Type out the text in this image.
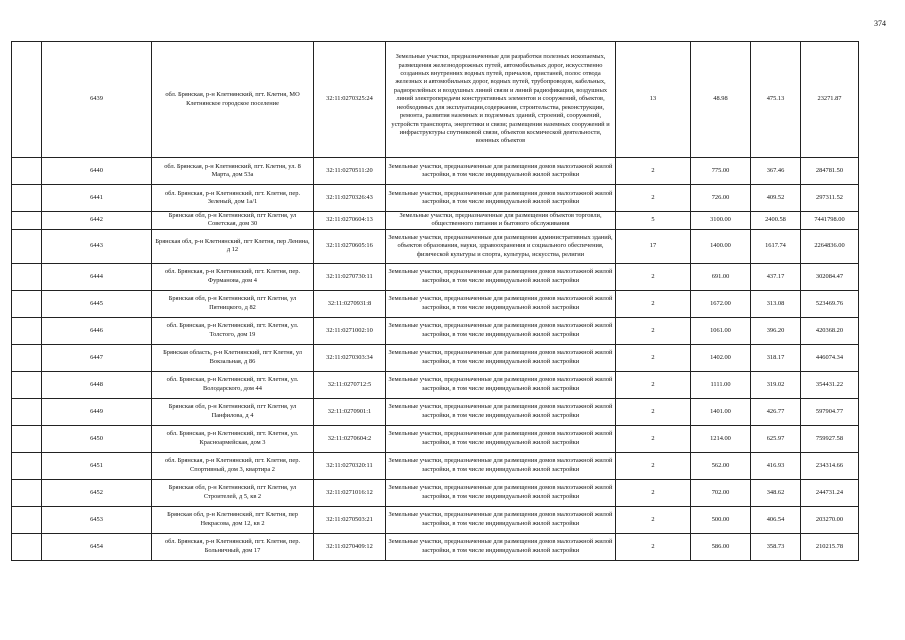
374
	6439	обл. Брянская, р-н Клетнянский, пгт. Клетня, МО Клетнянское городское поселение	32:11:0270325:24	Земельные участки, предназначенные для разработки полезных ископаемых, размещения железнодорожных путей, автомобильных дорог, искусственно созданных внутренних водных путей, причалов, пристаней, полос отвода железных и автомобильных дорог, водных путей, трубопроводов, кабельных, радиорелейных и воздушных линий связи и линий радиофикации, воздушных линий электропередачи конструктивных элементов и сооружений, объектов, необходимых для эксплуатации,содержания, строительства, реконструкции, ремонта, развития наземных и подземных зданий, строений, сооружений, устройств транспорта, энергетики и связи; размещения наземных сооружений и инфраструктуры спутниковой связи, объектов космической деятельности, военных объектов	13	48.98	475.13	23271.87
	6440	обл. Брянская, р-н Клетнянский, пгт. Клетня, ул. 8 Марта, дом 53а	32:11:0270511:20	Земельные участки, предназначенные для размещения домов малоэтажной жилой застройки, в том числе индивидуальной жилой застройки	2	775.00	367.46	284781.50
	6441	обл. Брянская, р-н Клетнянский, пгт. Клетня, пер. Зеленый, дом 1а/1	32:11:0270326:43	Земельные участки, предназначенные для размещения домов малоэтажной жилой застройки, в том числе индивидуальной жилой застройки	2	726.00	409.52	297311.52
	6442	Брянская обл, р-н Клетнянский, пгт Клетня, ул Советская, дом 30	32:11:0270604:13	Земельные участки, предназначенные для размещения объектов торговли, общественного питания и бытового обслуживания	5	3100.00	2400.58	7441798.00
	6443	Брянская обл, р-н Клетнянский, пгт Клетня, пер Ленина, д 12	32:11:0270605:16	Земельные участки, предназначенные для размещения административных зданий, объектов образования, науки, здравоохранения и социального обеспечения, физической культуры и спорта, культуры, искусства, религии	17	1400.00	1617.74	2264836.00
	6444	обл. Брянская, р-н Клетнянский, пгт. Клетня, пер. Фурманова, дом 4	32:11:0270730:11	Земельные участки, предназначенные для размещения домов малоэтажной жилой застройки, в том числе индивидуальной жилой застройки	2	691.00	437.17	302084.47
	6445	Брянская обл, р-н Клетнянский, пгт Клетня, ул Пятницкого, д 82	32:11:0270931:8	Земельные участки, предназначенные для размещения домов малоэтажной жилой застройки, в том числе индивидуальной жилой застройки	2	1672.00	313.08	523469.76
	6446	обл. Брянская, р-н Клетнянский, пгт. Клетня, ул. Толстого, дом 19	32:11:0271002:10	Земельные участки, предназначенные для размещения домов малоэтажной жилой застройки, в том числе индивидуальной жилой застройки	2	1061.00	396.20	420368.20
	6447	Брянская область, р-н Клетнянский, пгт Клетня, ул Вокзальная, д 86	32:11:0270303:34	Земельные участки, предназначенные для размещения домов малоэтажной жилой застройки, в том числе индивидуальной жилой застройки	2	1402.00	318.17	446074.34
	6448	обл. Брянская, р-н Клетнянский, пгт. Клетня, ул. Володарского, дом 44	32:11:0270712:5	Земельные участки, предназначенные для размещения домов малоэтажной жилой застройки, в том числе индивидуальной жилой застройки	2	1111.00	319.02	354431.22
	6449	Брянская обл, р-н Клетнянский, пгт Клетня, ул Панфилова, д 4	32:11:0270901:1	Земельные участки, предназначенные для размещения домов малоэтажной жилой застройки, в том числе индивидуальной жилой застройки	2	1401.00	426.77	597904.77
	6450	обл. Брянская, р-н Клетнянский, пгт. Клетня, ул. Красноармейская, дом 3	32:11:0270604:2	Земельные участки, предназначенные для размещения домов малоэтажной жилой застройки, в том числе индивидуальной жилой застройки	2	1214.00	625.97	759927.58
	6451	обл. Брянская, р-н Клетнянский, пгт. Клетня, пер. Спортивный, дом 3, квартира 2	32:11:0270320:11	Земельные участки, предназначенные для размещения домов малоэтажной жилой застройки, в том числе индивидуальной жилой застройки	2	562.00	416.93	234314.66
	6452	Брянская обл, р-н Клетнянский, пгт Клетня, ул Строителей, д 5, кв 2	32:11:0271016:12	Земельные участки, предназначенные для размещения домов малоэтажной жилой застройки, в том числе индивидуальной жилой застройки	2	702.00	348.62	244731.24
	6453	Брянская обл, р-н Клетнянский, пгт Клетня, пер Некрасова, дом 12, кв 2	32:11:0270503:21	Земельные участки, предназначенные для размещения домов малоэтажной жилой застройки, в том числе индивидуальной жилой застройки	2	500.00	406.54	203270.00
	6454	обл. Брянская, р-н Клетнянский, пгт. Клетня, пер. Больничный, дом 17	32:11:0270409:12	Земельные участки, предназначенные для размещения домов малоэтажной жилой застройки, в том числе индивидуальной жилой застройки	2	586.00	358.73	210215.78
